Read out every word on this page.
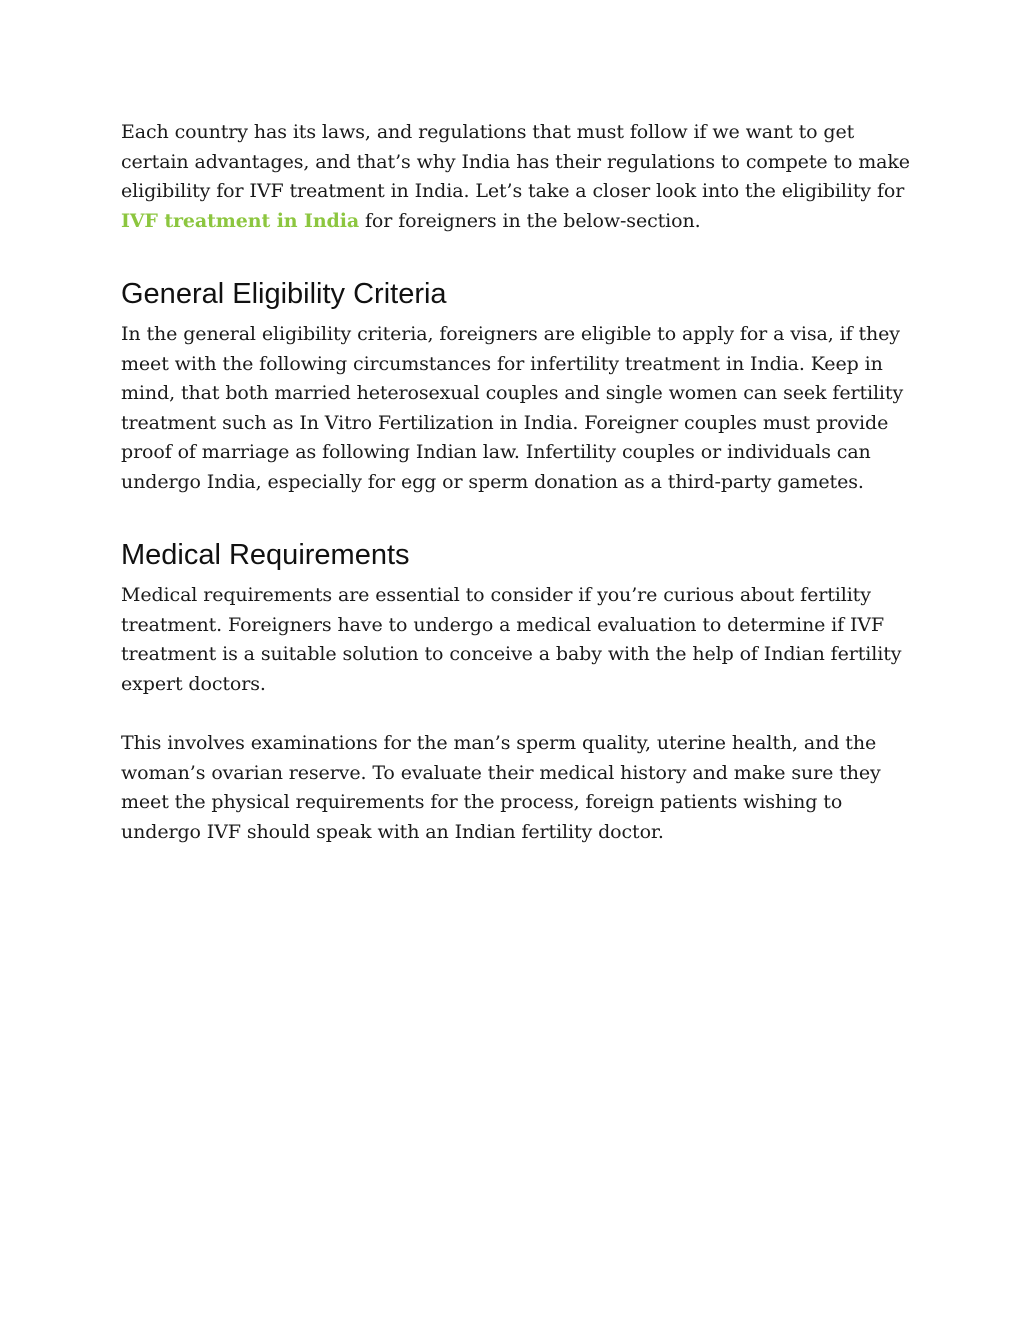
Each country has its laws, and regulations that must follow if we want to get certain advantages, and that’s why India has their regulations to compete to make eligibility for IVF treatment in India. Let’s take a closer look into the eligibility for IVF treatment in India for foreigners in the below-section.

General Eligibility Criteria

In the general eligibility criteria, foreigners are eligible to apply for a visa, if they meet with the following circumstances for infertility treatment in India. Keep in mind, that both married heterosexual couples and single women can seek fertility treatment such as In Vitro Fertilization in India. Foreigner couples must provide proof of marriage as following Indian law. Infertility couples or individuals can undergo India, especially for egg or sperm donation as a third-party gametes.

Medical Requirements

Medical requirements are essential to consider if you’re curious about fertility treatment. Foreigners have to undergo a medical evaluation to determine if IVF treatment is a suitable solution to conceive a baby with the help of Indian fertility expert doctors.

This involves examinations for the man’s sperm quality, uterine health, and the woman’s ovarian reserve. To evaluate their medical history and make sure they meet the physical requirements for the process, foreign patients wishing to undergo IVF should speak with an Indian fertility doctor.
